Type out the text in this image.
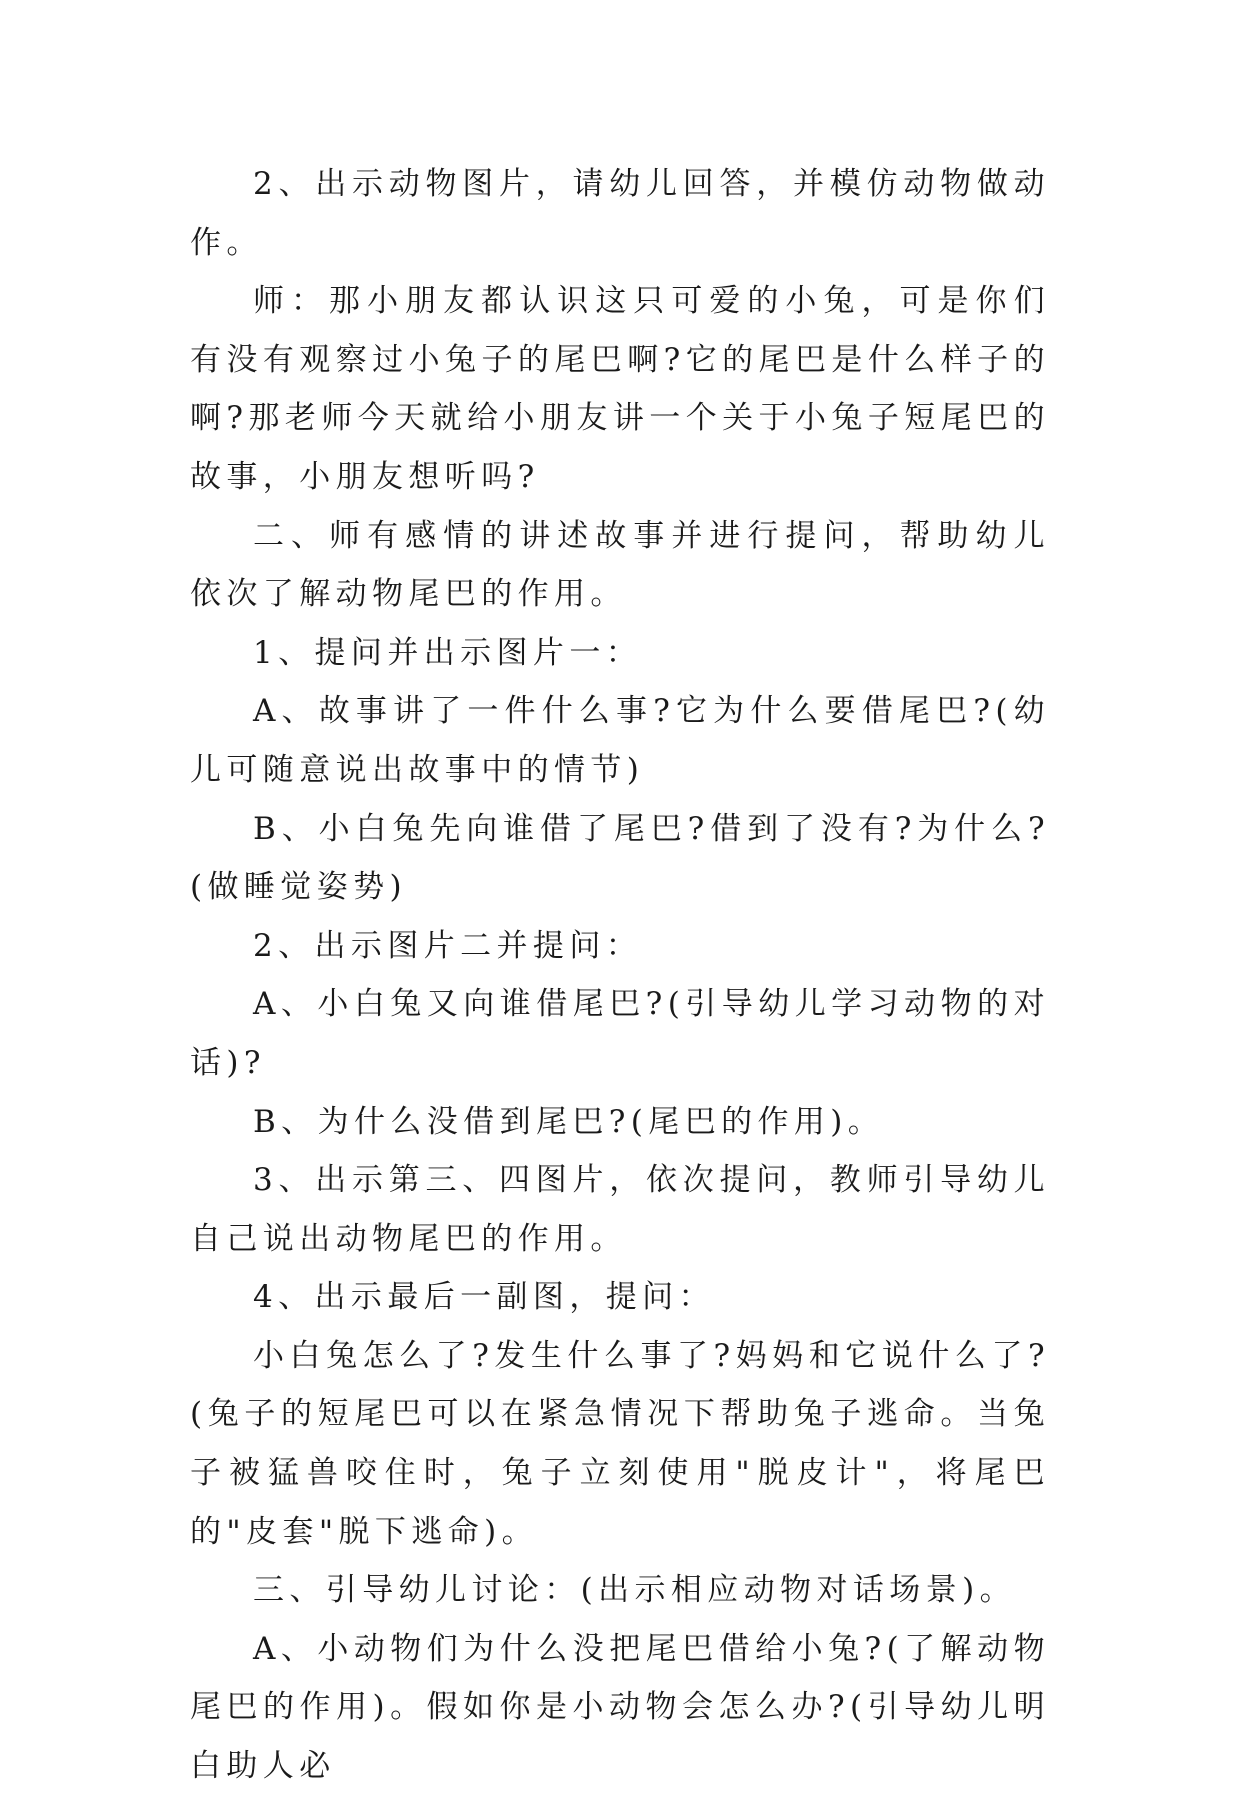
2、出示动物图片，请幼儿回答，并模仿动物做动作。

师：那小朋友都认识这只可爱的小兔，可是你们有没有观察过小兔子的尾巴啊?它的尾巴是什么样子的啊?那老师今天就给小朋友讲一个关于小兔子短尾巴的故事，小朋友想听吗?

二、师有感情的讲述故事并进行提问，帮助幼儿依次了解动物尾巴的作用。

1、提问并出示图片一：

A、故事讲了一件什么事?它为什么要借尾巴?(幼儿可随意说出故事中的情节)

B、小白兔先向谁借了尾巴?借到了没有?为什么?(做睡觉姿势)

2、出示图片二并提问：

A、小白兔又向谁借尾巴?(引导幼儿学习动物的对话)?

B、为什么没借到尾巴?(尾巴的作用)。

3、出示第三、四图片，依次提问，教师引导幼儿自己说出动物尾巴的作用。

4、出示最后一副图，提问：

小白兔怎么了?发生什么事了?妈妈和它说什么了?(兔子的短尾巴可以在紧急情况下帮助兔子逃命。当兔子被猛兽咬住时，兔子立刻使用"脱皮计"，将尾巴的"皮套"脱下逃命)。

三、引导幼儿讨论：(出示相应动物对话场景)。

A、小动物们为什么没把尾巴借给小兔?(了解动物尾巴的作用)。假如你是小动物会怎么办?(引导幼儿明白助人必
